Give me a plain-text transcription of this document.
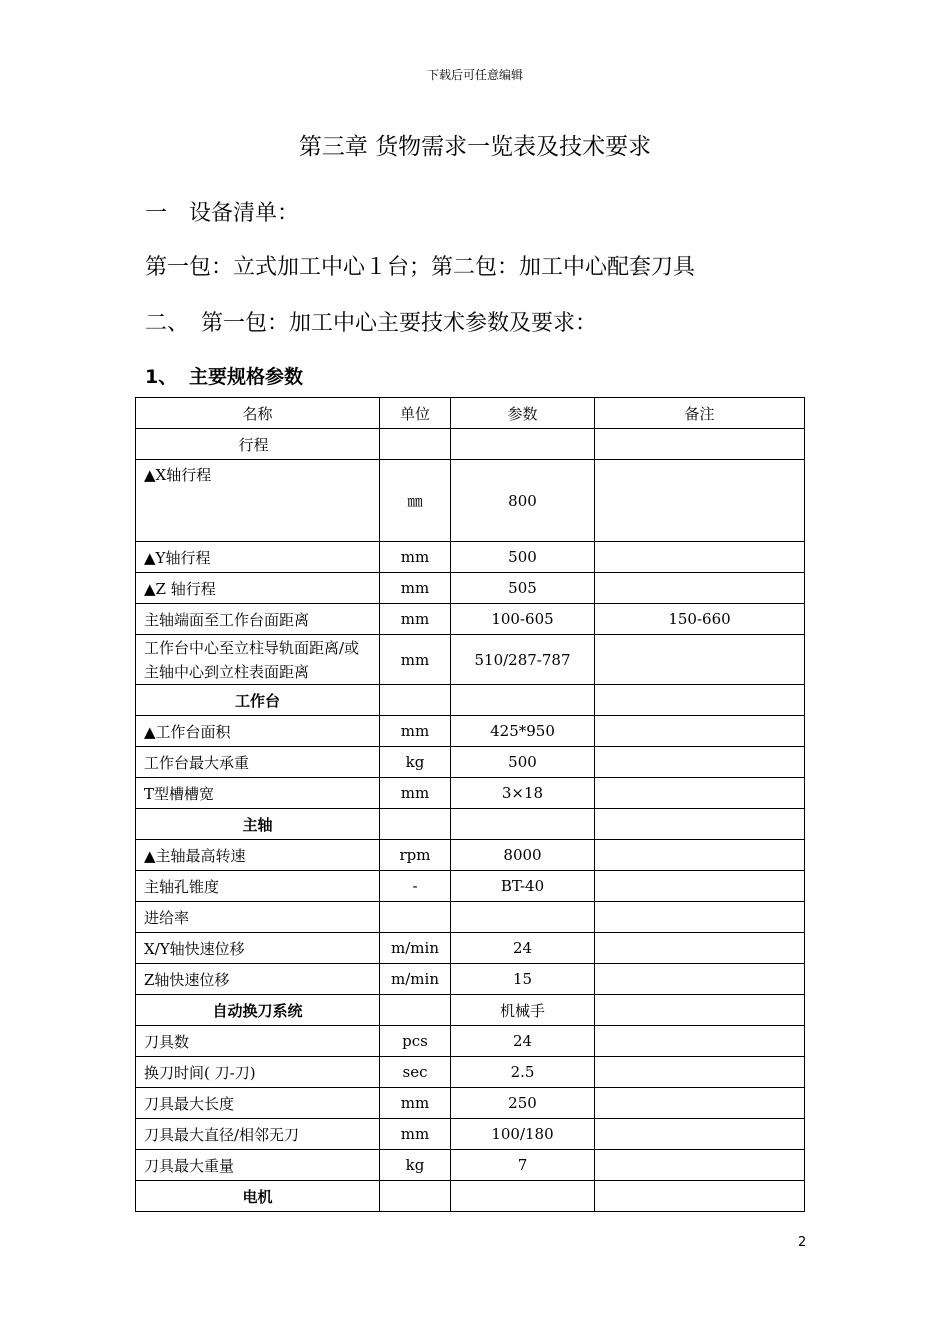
下载后可任意编辑
第三章 货物需求一览表及技术要求
一 设备清单：
第一包：立式加工中心１台；第二包：加工中心配套刀具
二、 第一包：加工中心主要技术参数及要求：
1、 主要规格参数
名称	单位	参数	备注
行程			
▲X轴行程	㎜	800	
▲Y轴行程	mm	500	
▲Z 轴行程	mm	505	
主轴端面至工作台面距离	mm	100-605	150-660
工作台中心至立柱导轨面距离/或主轴中心到立柱表面距离	mm	510/287-787	
工作台			
▲工作台面积	mm	425*950	
工作台最大承重	kg	500	
T型槽槽宽	mm	3×18	
主轴			
▲主轴最高转速	rpm	8000	
主轴孔锥度	-	BT-40	
进给率			
X/Y轴快速位移	m/min	24	
Z轴快速位移	m/min	15	
自动换刀系统		机械手	
刀具数	pcs	24	
换刀时间( 刀-刀)	sec	2.5	
刀具最大长度	mm	250	
刀具最大直径/相邻无刀	mm	100/180	
刀具最大重量	kg	7	
电机			
2
